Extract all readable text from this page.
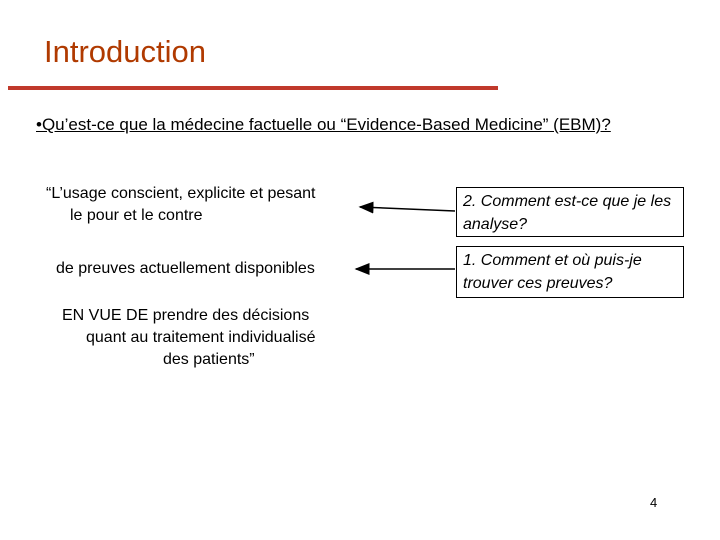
Introduction
•Qu’est-ce que la médecine factuelle ou “Evidence-Based Medicine” (EBM)?
“L’usage conscient, explicite et pesant
le pour et le contre
de preuves actuellement disponibles
EN VUE DE prendre des décisions
quant au traitement individualisé
des patients”
2. Comment est-ce que je les analyse?
1. Comment et où puis-je trouver ces preuves?
4
